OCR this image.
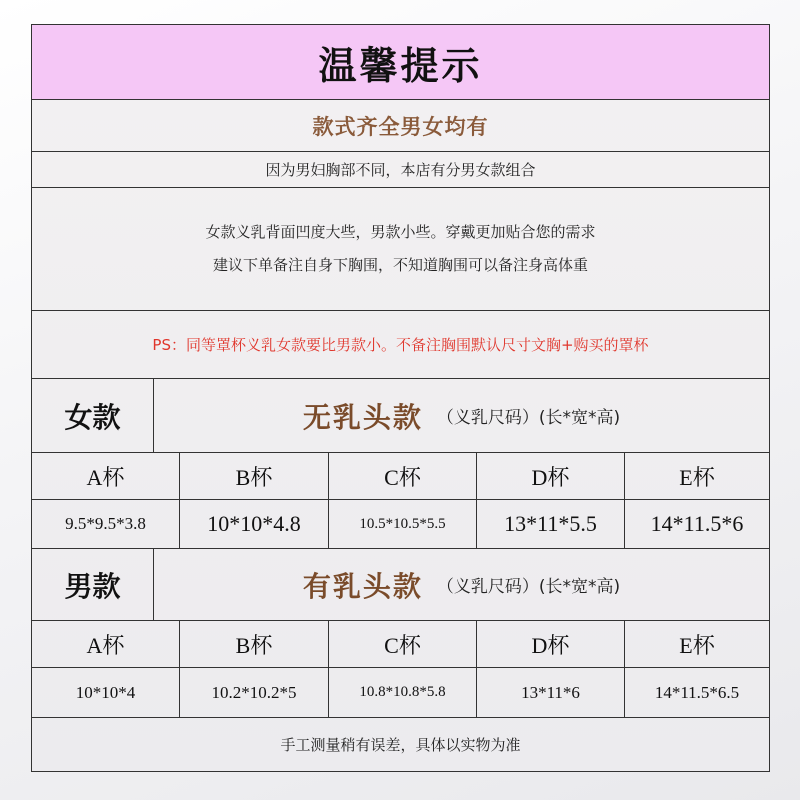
温馨提示
款式齐全男女均有
因为男妇胸部不同，本店有分男女款组合
女款义乳背面凹度大些，男款小些。穿戴更加贴合您的需求
建议下单备注自身下胸围，不知道胸围可以备注身高体重
PS：同等罩杯义乳女款要比男款小。不备注胸围默认尺寸文胸+购买的罩杯
女款	无乳头款 （义乳尺码）(长*宽*高)
A杯	B杯	C杯	D杯	E杯
9.5*9.5*3.8	10*10*4.8	10.5*10.5*5.5	13*11*5.5	14*11.5*6
男款	有乳头款 （义乳尺码）(长*宽*高)
A杯	B杯	C杯	D杯	E杯
10*10*4	10.2*10.2*5	10.8*10.8*5.8	13*11*6	14*11.5*6.5
手工测量稍有误差，具体以实物为准
